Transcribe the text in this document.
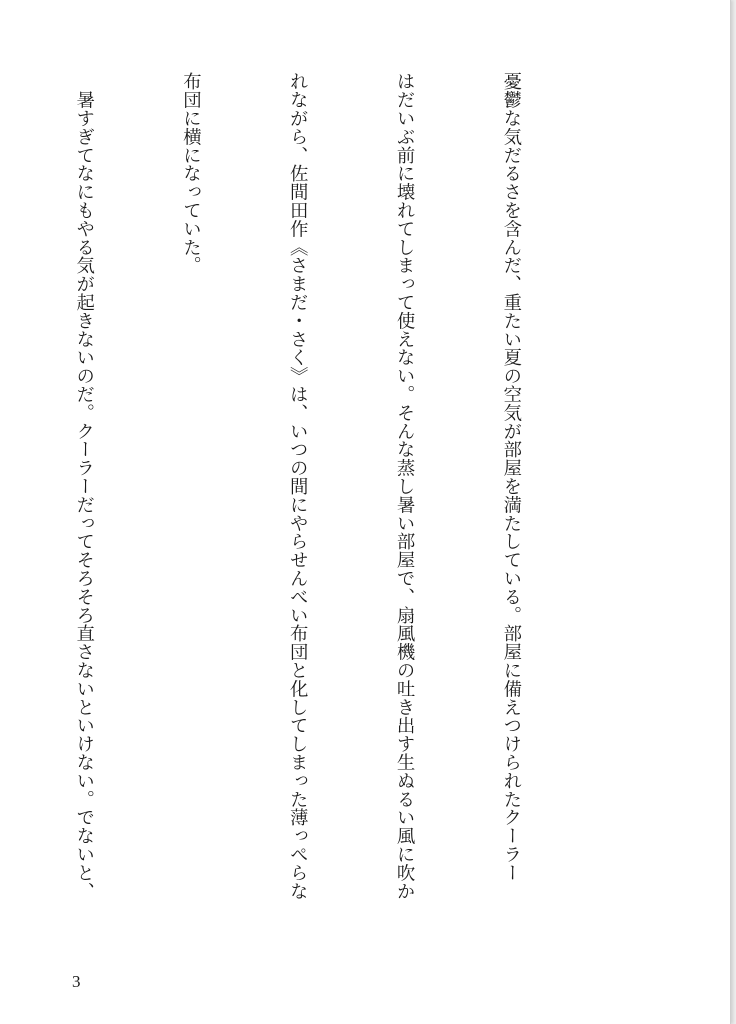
憂鬱な気だるさを含んだ、重たい夏の空気が部屋を満たしている。部屋に備えつけられたクーラー

はだいぶ前に壊れてしまって使えない。そんな蒸し暑い部屋で、扇風機の吐き出す生ぬるい風に吹か

れながら、佐間田作《さまだ・さく》は、いつの間にやらせんべい布団と化してしまった薄っぺらな

布団に横になっていた。

　暑すぎてなにもやる気が起きないのだ。クーラーだってそろそろ直さないといけない。でないと、

3
